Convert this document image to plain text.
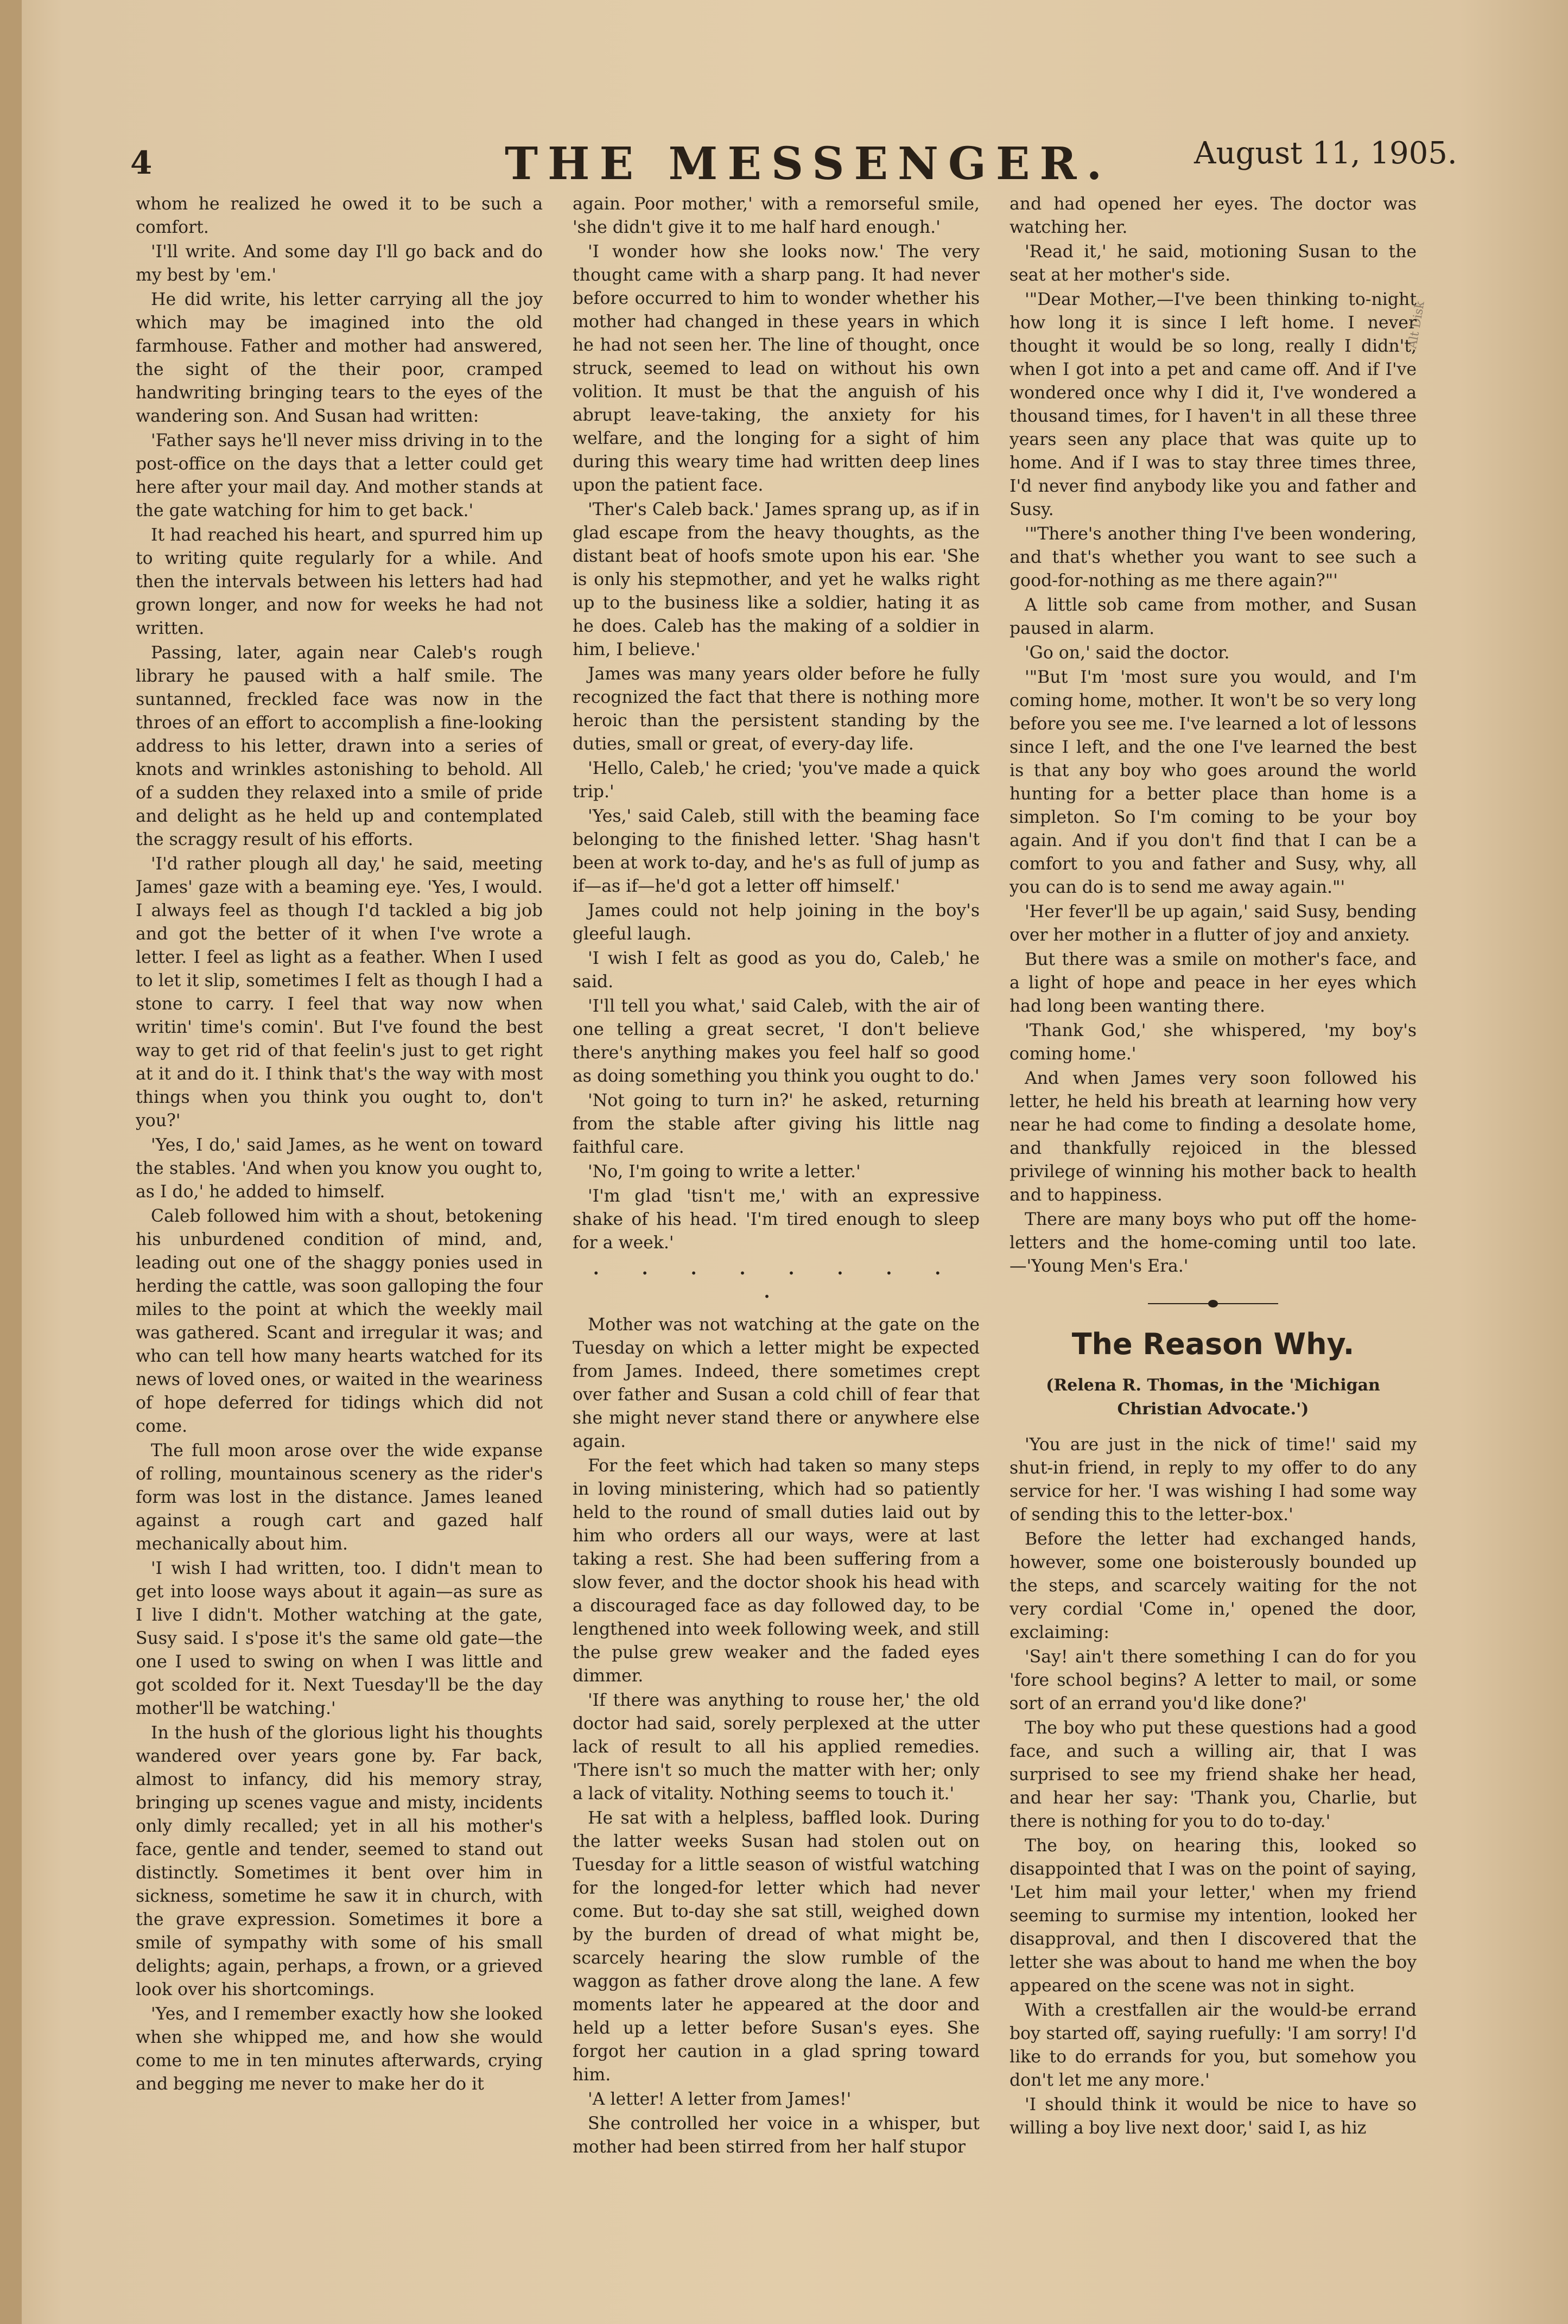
4	THE MESSENGER.	August 11, 1905.
Alt Disk

whom he realized he owed it to be such a comfort.

'I'll write. And some day I'll go back and do my best by 'em.'

He did write, his letter carrying all the joy which may be imagined into the old farmhouse. Father and mother had answered, the sight of the their poor, cramped handwriting bringing tears to the eyes of the wandering son. And Susan had written:

'Father says he'll never miss driving in to the post-office on the days that a letter could get here after your mail day. And mother stands at the gate watching for him to get back.'

It had reached his heart, and spurred him up to writing quite regularly for a while. And then the intervals between his letters had had grown longer, and now for weeks he had not written.

Passing, later, again near Caleb's rough library he paused with a half smile. The suntanned, freckled face was now in the throes of an effort to accomplish a fine-looking address to his letter, drawn into a series of knots and wrinkles astonishing to behold. All of a sudden they relaxed into a smile of pride and delight as he held up and contemplated the scraggy result of his efforts.

'I'd rather plough all day,' he said, meeting James' gaze with a beaming eye. 'Yes, I would. I always feel as though I'd tackled a big job and got the better of it when I've wrote a letter. I feel as light as a feather. When I used to let it slip, sometimes I felt as though I had a stone to carry. I feel that way now when writin' time's comin'. But I've found the best way to get rid of that feelin's just to get right at it and do it. I think that's the way with most things when you think you ought to, don't you?'

'Yes, I do,' said James, as he went on toward the stables. 'And when you know you ought to, as I do,' he added to himself.

Caleb followed him with a shout, betokening his unburdened condition of mind, and, leading out one of the shaggy ponies used in herding the cattle, was soon galloping the four miles to the point at which the weekly mail was gathered. Scant and irregular it was; and who can tell how many hearts watched for its news of loved ones, or waited in the weariness of hope deferred for tidings which did not come.

The full moon arose over the wide expanse of rolling, mountainous scenery as the rider's form was lost in the distance. James leaned against a rough cart and gazed half mechanically about him.

'I wish I had written, too. I didn't mean to get into loose ways about it again—as sure as I live I didn't. Mother watching at the gate, Susy said. I s'pose it's the same old gate—the one I used to swing on when I was little and got scolded for it. Next Tuesday'll be the day mother'll be watching.'

In the hush of the glorious light his thoughts wandered over years gone by. Far back, almost to infancy, did his memory stray, bringing up scenes vague and misty, incidents only dimly recalled; yet in all his mother's face, gentle and tender, seemed to stand out distinctly. Sometimes it bent over him in sickness, sometime he saw it in church, with the grave expression. Sometimes it bore a smile of sympathy with some of his small delights; again, perhaps, a frown, or a grieved look over his shortcomings.

'Yes, and I remember exactly how she looked when she whipped me, and how she would come to me in ten minutes afterwards, crying and begging me never to make her do it

again. Poor mother,' with a remorseful smile, 'she didn't give it to me half hard enough.'

'I wonder how she looks now.' The very thought came with a sharp pang. It had never before occurred to him to wonder whether his mother had changed in these years in which he had not seen her. The line of thought, once struck, seemed to lead on without his own volition. It must be that the anguish of his abrupt leave-taking, the anxiety for his welfare, and the longing for a sight of him during this weary time had written deep lines upon the patient face.

'Ther's Caleb back.' James sprang up, as if in glad escape from the heavy thoughts, as the distant beat of hoofs smote upon his ear. 'She is only his stepmother, and yet he walks right up to the business like a soldier, hating it as he does. Caleb has the making of a soldier in him, I believe.'

James was many years older before he fully recognized the fact that there is nothing more heroic than the persistent standing by the duties, small or great, of every-day life.

'Hello, Caleb,' he cried; 'you've made a quick trip.'

'Yes,' said Caleb, still with the beaming face belonging to the finished letter. 'Shag hasn't been at work to-day, and he's as full of jump as if—as if—he'd got a letter off himself.'

James could not help joining in the boy's gleeful laugh.

'I wish I felt as good as you do, Caleb,' he said.

'I'll tell you what,' said Caleb, with the air of one telling a great secret, 'I don't believe there's anything makes you feel half so good as doing something you think you ought to do.'

'Not going to turn in?' he asked, returning from the stable after giving his little nag faithful care.

'No, I'm going to write a letter.'

'I'm glad 'tisn't me,' with an expressive shake of his head. 'I'm tired enough to sleep for a week.'

. . . . . . . . .

Mother was not watching at the gate on the Tuesday on which a letter might be expected from James. Indeed, there sometimes crept over father and Susan a cold chill of fear that she might never stand there or anywhere else again.

For the feet which had taken so many steps in loving ministering, which had so patiently held to the round of small duties laid out by him who orders all our ways, were at last taking a rest. She had been suffering from a slow fever, and the doctor shook his head with a discouraged face as day followed day, to be lengthened into week following week, and still the pulse grew weaker and the faded eyes dimmer.

'If there was anything to rouse her,' the old doctor had said, sorely perplexed at the utter lack of result to all his applied remedies. 'There isn't so much the matter with her; only a lack of vitality. Nothing seems to touch it.'

He sat with a helpless, baffled look. During the latter weeks Susan had stolen out on Tuesday for a little season of wistful watching for the longed-for letter which had never come. But to-day she sat still, weighed down by the burden of dread of what might be, scarcely hearing the slow rumble of the waggon as father drove along the lane. A few moments later he appeared at the door and held up a letter before Susan's eyes. She forgot her caution in a glad spring toward him.

'A letter! A letter from James!'

She controlled her voice in a whisper, but mother had been stirred from her half stupor

and had opened her eyes. The doctor was watching her.

'Read it,' he said, motioning Susan to the seat at her mother's side.

'"Dear Mother,—I've been thinking to-night how long it is since I left home. I never thought it would be so long, really I didn't, when I got into a pet and came off. And if I've wondered once why I did it, I've wondered a thousand times, for I haven't in all these three years seen any place that was quite up to home. And if I was to stay three times three, I'd never find anybody like you and father and Susy.

'"There's another thing I've been wondering, and that's whether you want to see such a good-for-nothing as me there again?"'

A little sob came from mother, and Susan paused in alarm.

'Go on,' said the doctor.

'"But I'm 'most sure you would, and I'm coming home, mother. It won't be so very long before you see me. I've learned a lot of lessons since I left, and the one I've learned the best is that any boy who goes around the world hunting for a better place than home is a simpleton. So I'm coming to be your boy again. And if you don't find that I can be a comfort to you and father and Susy, why, all you can do is to send me away again."'

'Her fever'll be up again,' said Susy, bending over her mother in a flutter of joy and anxiety.

But there was a smile on mother's face, and a light of hope and peace in her eyes which had long been wanting there.

'Thank God,' she whispered, 'my boy's coming home.'

And when James very soon followed his letter, he held his breath at learning how very near he had come to finding a desolate home, and thankfully rejoiced in the blessed privilege of winning his mother back to health and to happiness.

There are many boys who put off the home-letters and the home-coming until too late.—'Young Men's Era.'

The Reason Why.

(Relena R. Thomas, in the 'Michigan Christian Advocate.')

'You are just in the nick of time!' said my shut-in friend, in reply to my offer to do any service for her. 'I was wishing I had some way of sending this to the letter-box.'

Before the letter had exchanged hands, however, some one boisterously bounded up the steps, and scarcely waiting for the not very cordial 'Come in,' opened the door, exclaiming:

'Say! ain't there something I can do for you 'fore school begins? A letter to mail, or some sort of an errand you'd like done?'

The boy who put these questions had a good face, and such a willing air, that I was surprised to see my friend shake her head, and hear her say: 'Thank you, Charlie, but there is nothing for you to do to-day.'

The boy, on hearing this, looked so disappointed that I was on the point of saying, 'Let him mail your letter,' when my friend seeming to surmise my intention, looked her disapproval, and then I discovered that the letter she was about to hand me when the boy appeared on the scene was not in sight.

With a crestfallen air the would-be errand boy started off, saying ruefully: 'I am sorry! I'd like to do errands for you, but somehow you don't let me any more.'

'I should think it would be nice to have so willing a boy live next door,' said I, as hiz
